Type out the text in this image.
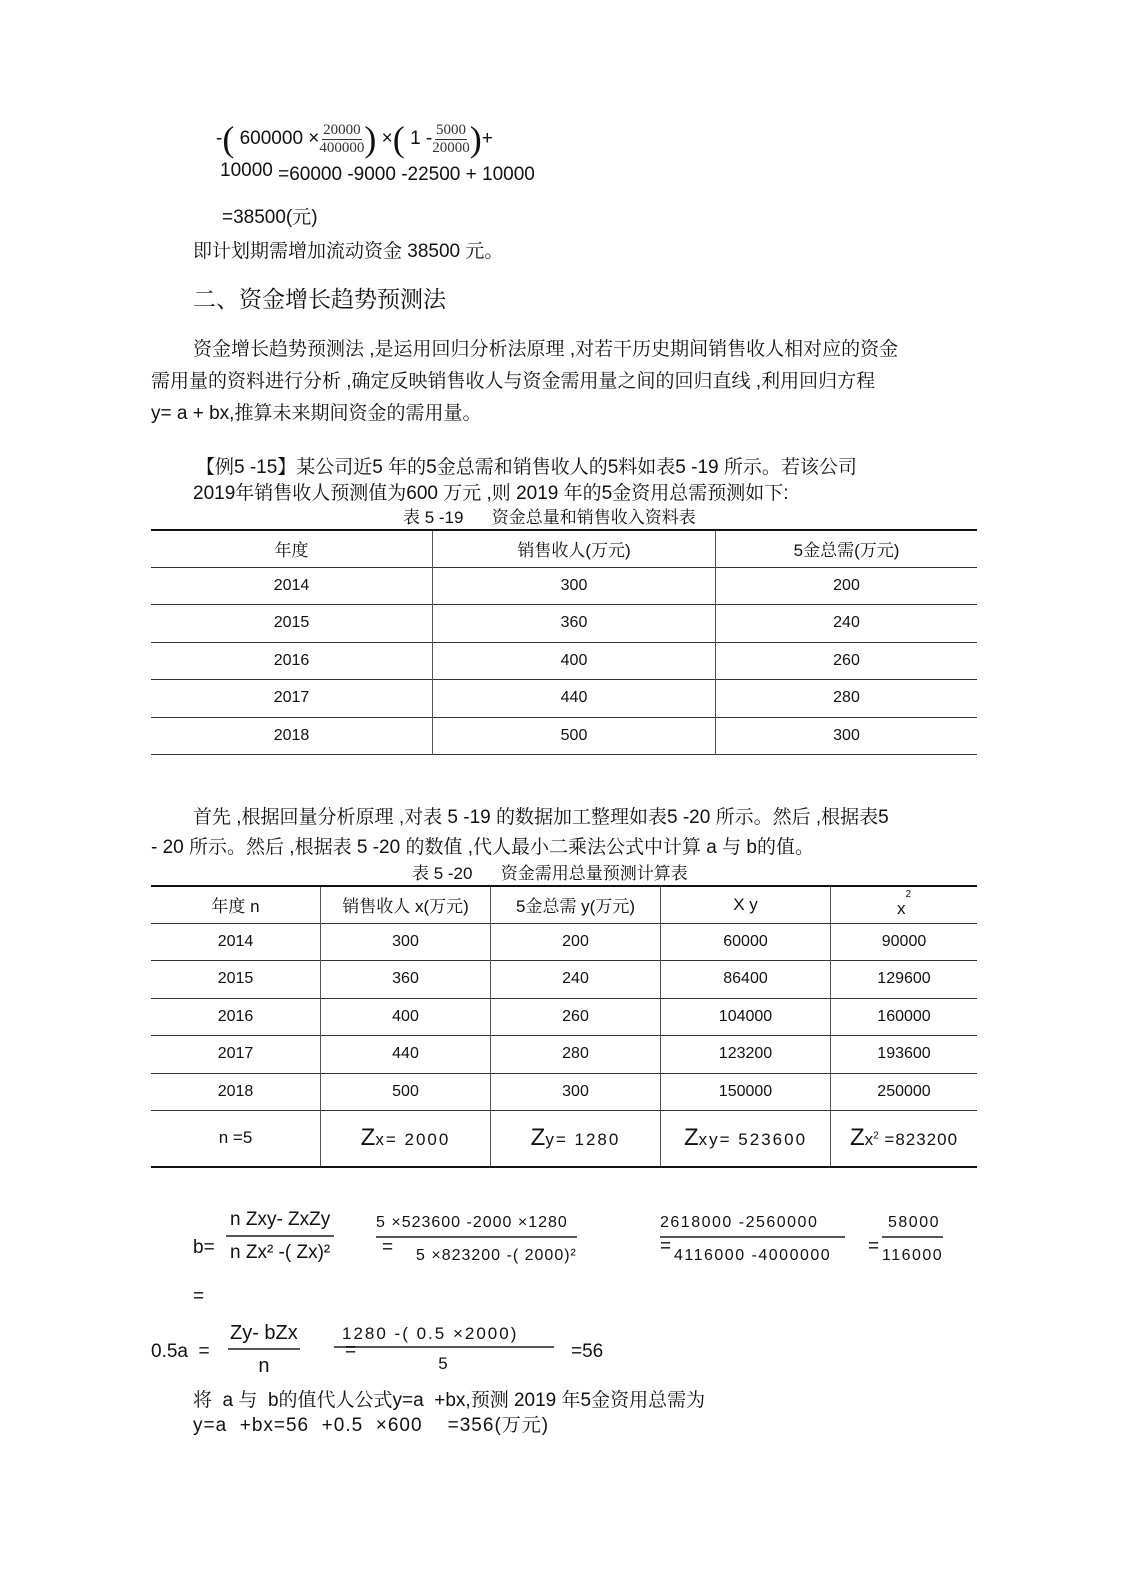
-( $600000 \times \frac{20000}{400000}$ ) ×( $1 - \frac{5000}{20000}$ )+
10000 =60000 -9000 -22500 + 10000
=38500(元)
即计划期需增加流动资金 38500 元。
二、资金增长趋势预测法
资金增长趋势预测法 ,是运用回归分析法原理 ,对若干历史期间销售收人相对应的资金
需用量的资料进行分析 ,确定反映销售收人与资金需用量之间的回归直线 ,利用回归方程
y= a + bx,推算未来期间资金的需用量。
【例5 -15】某公司近5 年的5金总需和销售收人的5料如表5 -19 所示。若该公司
2019年销售收人预测值为600 万元 ,则 2019 年的5金资用总需预测如下:
表 5 -19      资金总量和销售收入资料表
年度	销售收人(万元)	5金总需(万元)
2014	300	200
2015	360	240
2016	400	260
2017	440	280
2018	500	300
首先 ,根据回量分析原理 ,对表 5 -19 的数据加工整理如表5 -20 所示。然后 ,根据表5
- 20 所示。然后 ,根据表 5 -20 的数值 ,代人最小二乘法公式中计算 a 与 b的值。
表 5 -20      资金需用总量预测计算表
年度 n	销售收人 x(万元)	5金总需 y(万元)	X y	$x^2$
2014	300	200	60000	90000
2015	360	240	86400	129600
2016	400	260	104000	160000
2017	440	280	123200	193600
2018	500	300	150000	250000
n =5	Zx= 2000	Zy= 1280	Zxy= 523600	$Zx^2 =823200$
$b= \frac{\text{n Zxy- ZxZy}}{\text{n Zx² -( Zx)²}}$	$\frac{5 \times 523600 -2000 \times 1280}{\text{5 ×823200 -( 2000)²}}$
=	$\frac{2618000 -2560000}{4116000 -4000000}$
=	$\frac{58000}{116000}$
=
=
$0.5a = \frac{\text{Zy- bZx}}{n} \frac{1280 -( 0.5 \times 2000)}{5}$
=	=56
将  a 与  b的值代人公式y=a  +bx,预测 2019 年5金资用总需为
y=a  +bx=56  +0.5  ×600    =356(万元)
